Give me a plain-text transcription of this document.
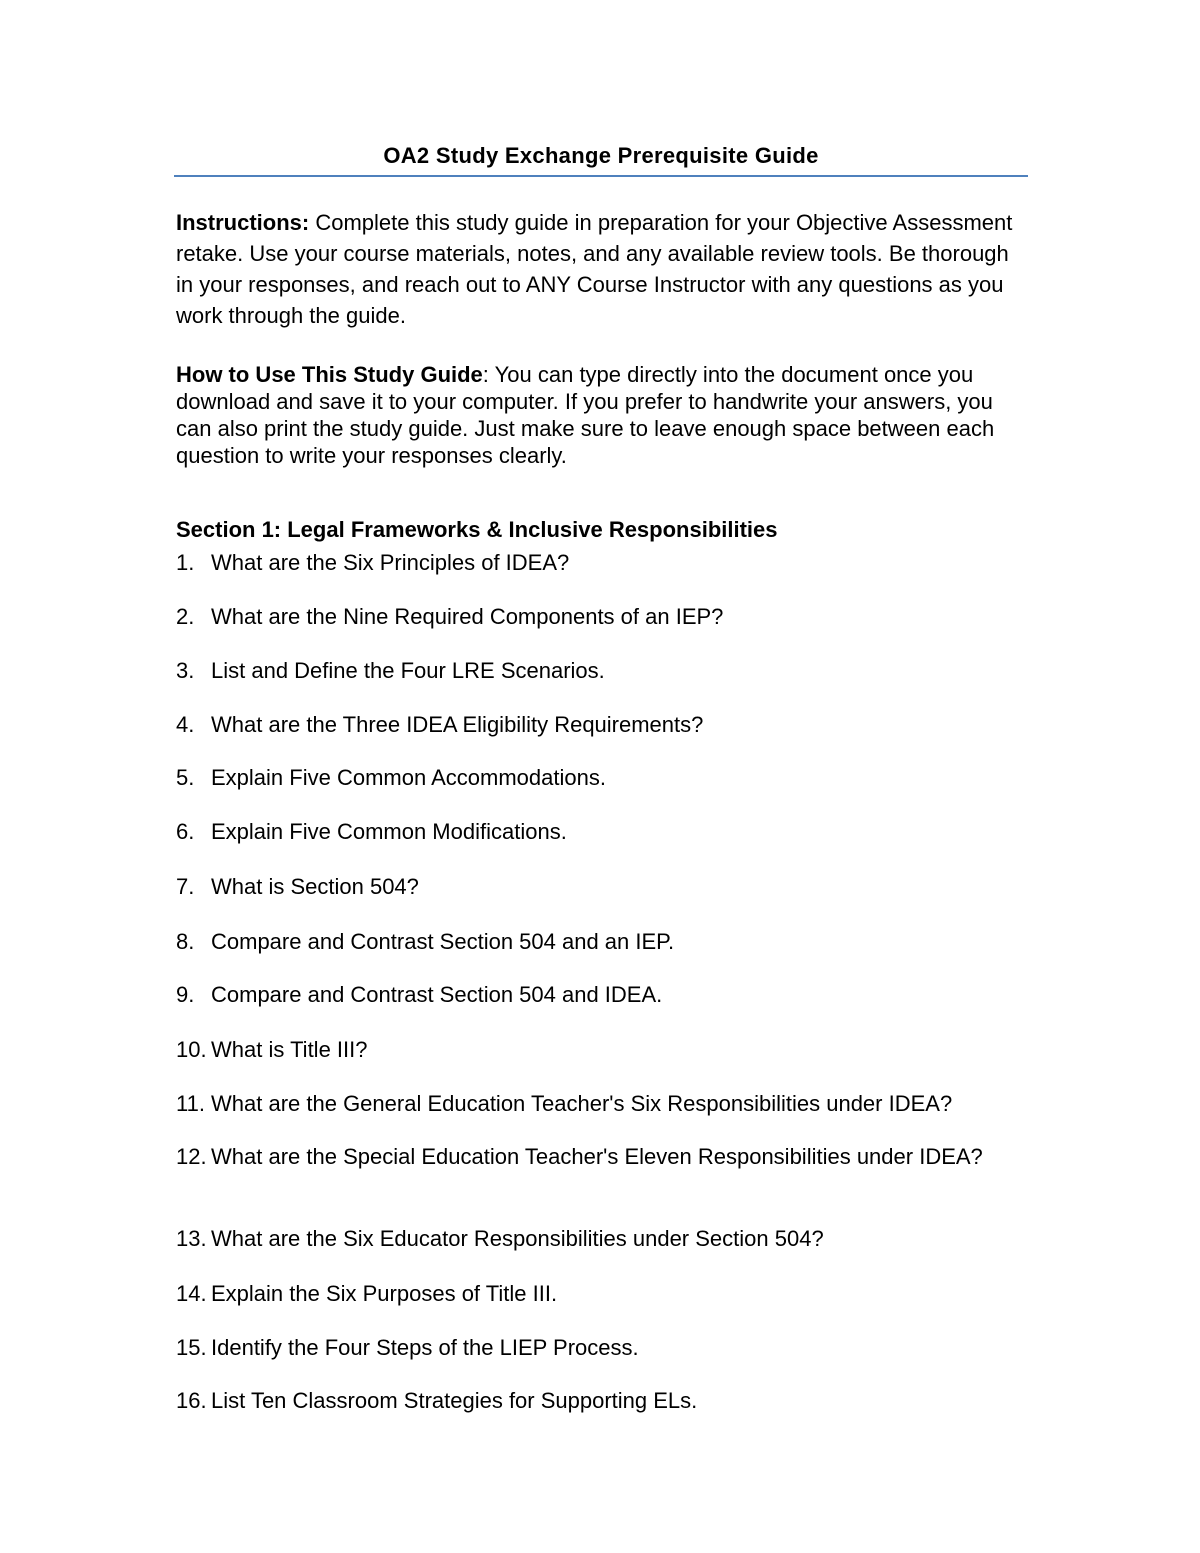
OA2 Study Exchange Prerequisite Guide
Instructions: Complete this study guide in preparation for your Objective Assessment retake. Use your course materials, notes, and any available review tools. Be thorough in your responses, and reach out to ANY Course Instructor with any questions as you work through the guide.
How to Use This Study Guide: You can type directly into the document once you download and save it to your computer. If you prefer to handwrite your answers, you can also print the study guide. Just make sure to leave enough space between each question to write your responses clearly.
Section 1: Legal Frameworks & Inclusive Responsibilities
1. What are the Six Principles of IDEA?
2. What are the Nine Required Components of an IEP?
3. List and Define the Four LRE Scenarios.
4. What are the Three IDEA Eligibility Requirements?
5. Explain Five Common Accommodations.
6. Explain Five Common Modifications.
7. What is Section 504?
8. Compare and Contrast Section 504 and an IEP.
9. Compare and Contrast Section 504 and IDEA.
10. What is Title III?
11. What are the General Education Teacher's Six Responsibilities under IDEA?
12. What are the Special Education Teacher's Eleven Responsibilities under IDEA?
13. What are the Six Educator Responsibilities under Section 504?
14. Explain the Six Purposes of Title III.
15. Identify the Four Steps of the LIEP Process.
16. List Ten Classroom Strategies for Supporting ELs.
